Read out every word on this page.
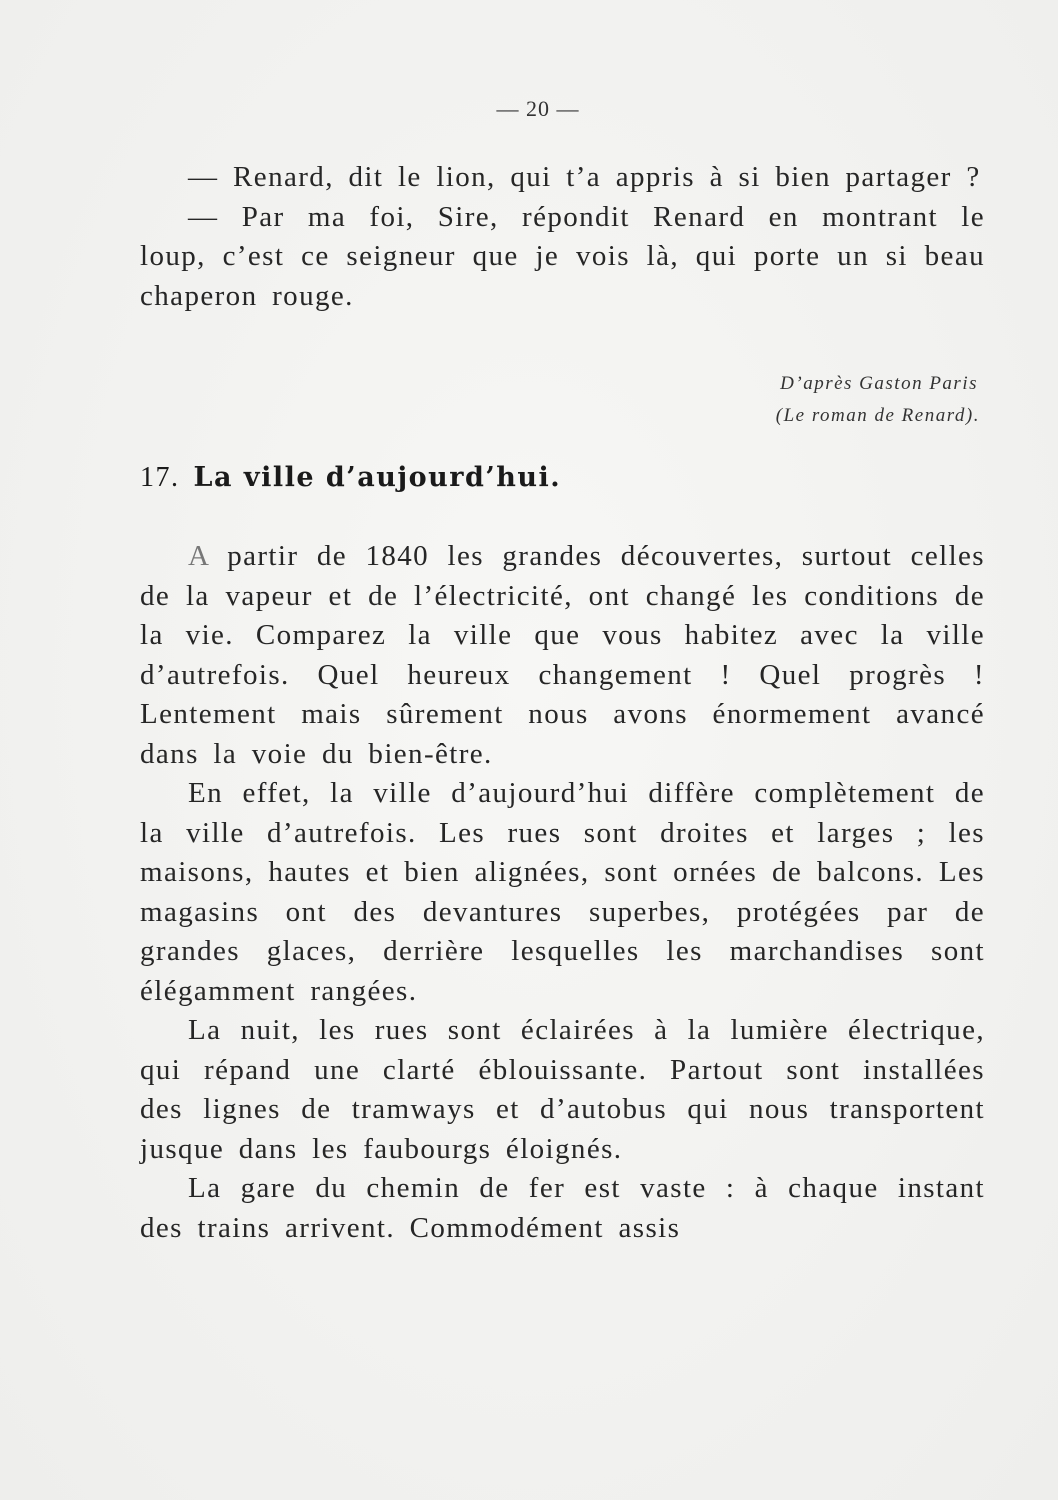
— 20 —

— Renard, dit le lion, qui t’a appris à si bien partager ?

— Par ma foi, Sire, répondit Renard en montrant le loup, c’est ce seigneur que je vois là, qui porte un si beau chaperon rouge.

D’après Gaston Paris
(Le roman de Renard).
17. La ville d’aujourd’hui.

A partir de 1840 les grandes découvertes, surtout celles de la vapeur et de l’électricité, ont changé les conditions de la vie. Comparez la ville que vous habitez avec la ville d’autrefois. Quel heureux changement ! Quel progrès ! Lentement mais sûrement nous avons énormement avancé dans la voie du bien-être.

En effet, la ville d’aujourd’hui diffère complètement de la ville d’autrefois. Les rues sont droites et larges ; les maisons, hautes et bien alignées, sont ornées de balcons. Les magasins ont des devantures superbes, protégées par de grandes glaces, derrière lesquelles les marchandises sont élégamment rangées.

La nuit, les rues sont éclairées à la lumière électrique, qui répand une clarté éblouissante. Partout sont installées des lignes de tramways et d’autobus qui nous transportent jusque dans les faubourgs éloignés.

La gare du chemin de fer est vaste : à chaque instant des trains arrivent. Commodément assis
